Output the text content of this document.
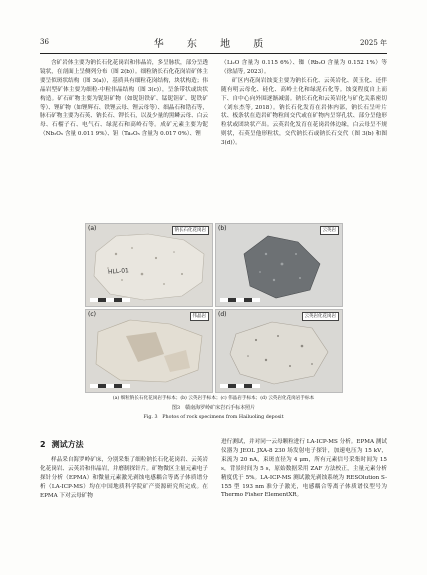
36	华 东 地 质	2025 年

含矿岩体主要为钠长石化花岗岩和伟晶岩，多呈脉状，部分呈透镜状，在剖面上呈侧列分布（图 2(b)）。细粒钠长石化花岗岩矿体主要呈似斑状结构（图 3(a)），基质具有细粒花岗结构，块状构造；伟晶岩型矿体主要为细粒-中粒伟晶结构（图 3(c)），呈条带状或块状构造。矿石矿物主要为铌钽矿物（如铌钽铁矿、锰铌钽矿、铌铁矿等）、锂矿物（如锂辉石、铁锂云母、锂云母等）、细晶石和锆石等，脉石矿物主要为石英、钠长石、钾长石，以及少量的黑鳞云母、白云母、石榴子石、电气石、绿泥石和高岭石等。成矿元素主要为铌（Nb₂O₅ 含量 0.011 9%）、钽（Ta₂O₅ 含量为 0.017 0%）、锂

（Li₂O 含量为 0.115 6%）、铷（Rb₂O 含量为 0.152 1%）等（徐喆等, 2023）。

矿区内花岗岩蚀变主要为钠长石化、云英岩化、黄玉化、还伴随有明云母化、硅化、高岭土化和绿泥石化等。蚀变程度自上而下、自中心向外围逐渐减弱。钠长石化和云英岩化与矿化关系密切（刘东杰等, 2018）。钠长石化发育在岩体内部，钠长石呈叶片状、板条状在造岩矿物粒间交代或在矿物内呈穿孔状、部分呈他形粒状或团块状产出。云英岩化发育在花岗岩体边缘，白云母呈不规则状，石英呈他形粒状，交代钠长石或钠长石交代（图 3(b) 和图 3(d)）。

(a)	钠长石化花岗岩
HLL-01
(b)	云英岩
(c)	伟晶岩	(d)	云英岩化花岗岩
(a) 细粒钠长石化花岗岩手标本；(b) 云英岩手标本；(c) 伟晶岩手标本；(d) 云英岩化花岗岩手标本
图3　赣南海罗岭矿床岩石手标本照片
Fig. 3　Photos of rock specimens from Hailuoling deposit
2 测试方法

样品采自海罗岭矿床，分别采集了细粒钠长石化花岗岩、云英岩化花岗岩、云英岩和伟晶岩，并磨制探针片。矿物微区主量元素电子探针分析（EPMA）和微量元素激光剥蚀电感耦合等离子体质谱分析（LA-ICP-MS）均在中国地质科学院矿产资源研究所完成。在 EPMA 下对云母矿物

进行测试，并对同一云母颗粒进行 LA-ICP-MS 分析。EPMA 测试仪器为 JEOL JXA-8 230 场发射电子探针，加速电压为 15 kV，束流为 20 nA，束斑直径为 4 μm，所有元素信号采集时间为 15 s，背景时间为 5 s，原始数据采用 ZAF 方法校正，主量元素分析精度优于 5%。LA-ICP-MS 测试激光剥蚀系统为 RESOlution S-155 型 193 nm 准分子激光，电感耦合等离子体质谱仪型号为 Thermo Fisher ElementXR。
